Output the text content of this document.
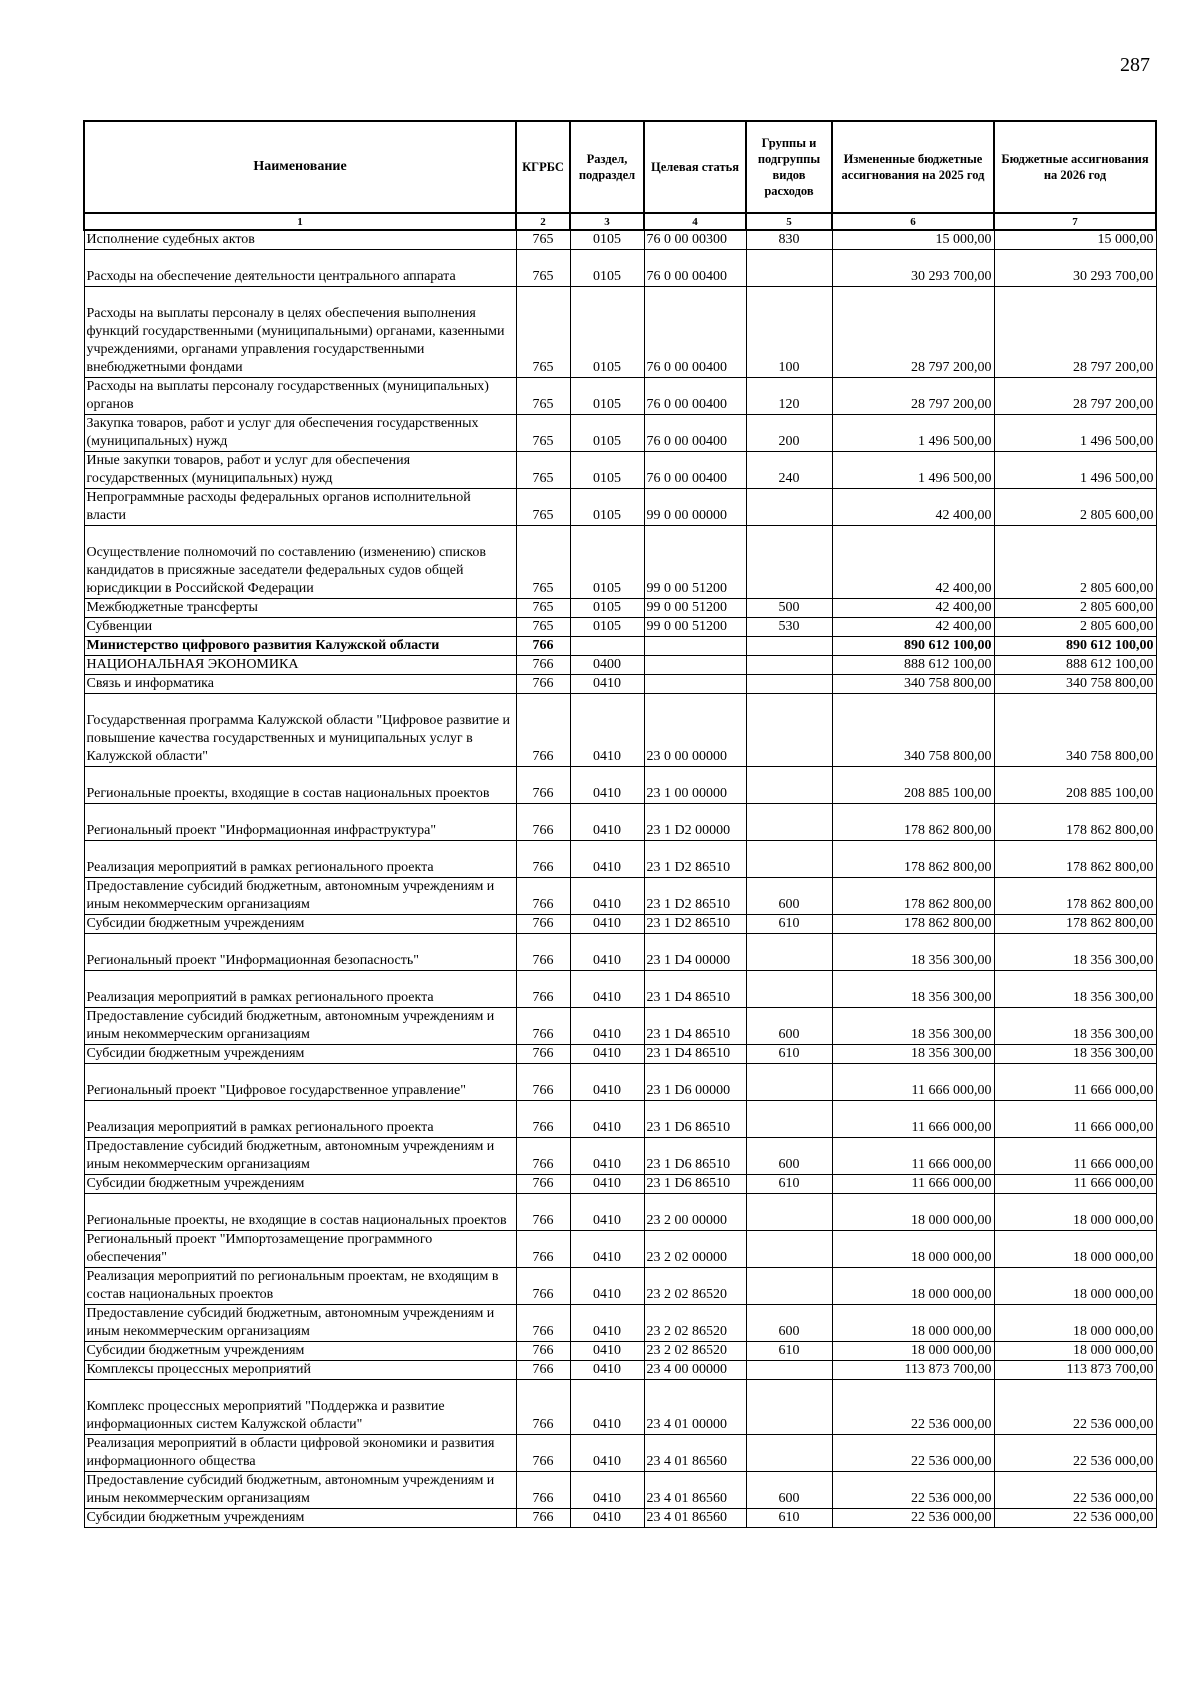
287
Наименование	КГРБС	Раздел, подраздел	Целевая статья	Группы и подгруппы видов расходов	Измененные бюджетные ассигнования на 2025 год	Бюджетные ассигнования на 2026 год
1	2	3	4	5	6	7
Исполнение судебных актов	765	0105	76 0 00 00300	830	15 000,00	15 000,00
Расходы на обеспечение деятельности центрального аппарата	765	0105	76 0 00 00400		30 293 700,00	30 293 700,00
Расходы на выплаты персоналу в целях обеспечения выполнения функций государственными (муниципальными) органами, казенными учреждениями, органами управления государственными внебюджетными фондами	765	0105	76 0 00 00400	100	28 797 200,00	28 797 200,00
Расходы на выплаты персоналу государственных (муниципальных) органов	765	0105	76 0 00 00400	120	28 797 200,00	28 797 200,00
Закупка товаров, работ и услуг для обеспечения государственных (муниципальных) нужд	765	0105	76 0 00 00400	200	1 496 500,00	1 496 500,00
Иные закупки товаров, работ и услуг для обеспечения государственных (муниципальных) нужд	765	0105	76 0 00 00400	240	1 496 500,00	1 496 500,00
Непрограммные расходы федеральных органов исполнительной власти	765	0105	99 0 00 00000		42 400,00	2 805 600,00
Осуществление полномочий по составлению (изменению) списков кандидатов в присяжные заседатели федеральных судов общей юрисдикции в Российской Федерации	765	0105	99 0 00 51200		42 400,00	2 805 600,00
Межбюджетные трансферты	765	0105	99 0 00 51200	500	42 400,00	2 805 600,00
Субвенции	765	0105	99 0 00 51200	530	42 400,00	2 805 600,00
Министерство цифрового развития Калужской области	766				890 612 100,00	890 612 100,00
НАЦИОНАЛЬНАЯ ЭКОНОМИКА	766	0400			888 612 100,00	888 612 100,00
Связь и информатика	766	0410			340 758 800,00	340 758 800,00
Государственная программа Калужской области "Цифровое развитие и повышение качества государственных и муниципальных услуг в Калужской области"	766	0410	23 0 00 00000		340 758 800,00	340 758 800,00
Региональные проекты, входящие в состав национальных проектов	766	0410	23 1 00 00000		208 885 100,00	208 885 100,00
Региональный проект "Информационная инфраструктура"	766	0410	23 1 D2 00000		178 862 800,00	178 862 800,00
Реализация мероприятий в рамках регионального проекта	766	0410	23 1 D2 86510		178 862 800,00	178 862 800,00
Предоставление субсидий бюджетным, автономным учреждениям и иным некоммерческим организациям	766	0410	23 1 D2 86510	600	178 862 800,00	178 862 800,00
Субсидии бюджетным учреждениям	766	0410	23 1 D2 86510	610	178 862 800,00	178 862 800,00
Региональный проект "Информационная безопасность"	766	0410	23 1 D4 00000		18 356 300,00	18 356 300,00
Реализация мероприятий в рамках регионального проекта	766	0410	23 1 D4 86510		18 356 300,00	18 356 300,00
Предоставление субсидий бюджетным, автономным учреждениям и иным некоммерческим организациям	766	0410	23 1 D4 86510	600	18 356 300,00	18 356 300,00
Субсидии бюджетным учреждениям	766	0410	23 1 D4 86510	610	18 356 300,00	18 356 300,00
Региональный проект "Цифровое государственное управление"	766	0410	23 1 D6 00000		11 666 000,00	11 666 000,00
Реализация мероприятий в рамках регионального проекта	766	0410	23 1 D6 86510		11 666 000,00	11 666 000,00
Предоставление субсидий бюджетным, автономным учреждениям и иным некоммерческим организациям	766	0410	23 1 D6 86510	600	11 666 000,00	11 666 000,00
Субсидии бюджетным учреждениям	766	0410	23 1 D6 86510	610	11 666 000,00	11 666 000,00
Региональные проекты, не входящие в состав национальных проектов	766	0410	23 2 00 00000		18 000 000,00	18 000 000,00
Региональный проект "Импортозамещение программного обеспечения"	766	0410	23 2 02 00000		18 000 000,00	18 000 000,00
Реализация мероприятий по региональным проектам, не входящим в состав национальных проектов	766	0410	23 2 02 86520		18 000 000,00	18 000 000,00
Предоставление субсидий бюджетным, автономным учреждениям и иным некоммерческим организациям	766	0410	23 2 02 86520	600	18 000 000,00	18 000 000,00
Субсидии бюджетным учреждениям	766	0410	23 2 02 86520	610	18 000 000,00	18 000 000,00
Комплексы процессных мероприятий	766	0410	23 4 00 00000		113 873 700,00	113 873 700,00
Комплекс процессных мероприятий "Поддержка и развитие информационных систем Калужской области"	766	0410	23 4 01 00000		22 536 000,00	22 536 000,00
Реализация мероприятий в области цифровой экономики и развития информационного общества	766	0410	23 4 01 86560		22 536 000,00	22 536 000,00
Предоставление субсидий бюджетным, автономным учреждениям и иным некоммерческим организациям	766	0410	23 4 01 86560	600	22 536 000,00	22 536 000,00
Субсидии бюджетным учреждениям	766	0410	23 4 01 86560	610	22 536 000,00	22 536 000,00
